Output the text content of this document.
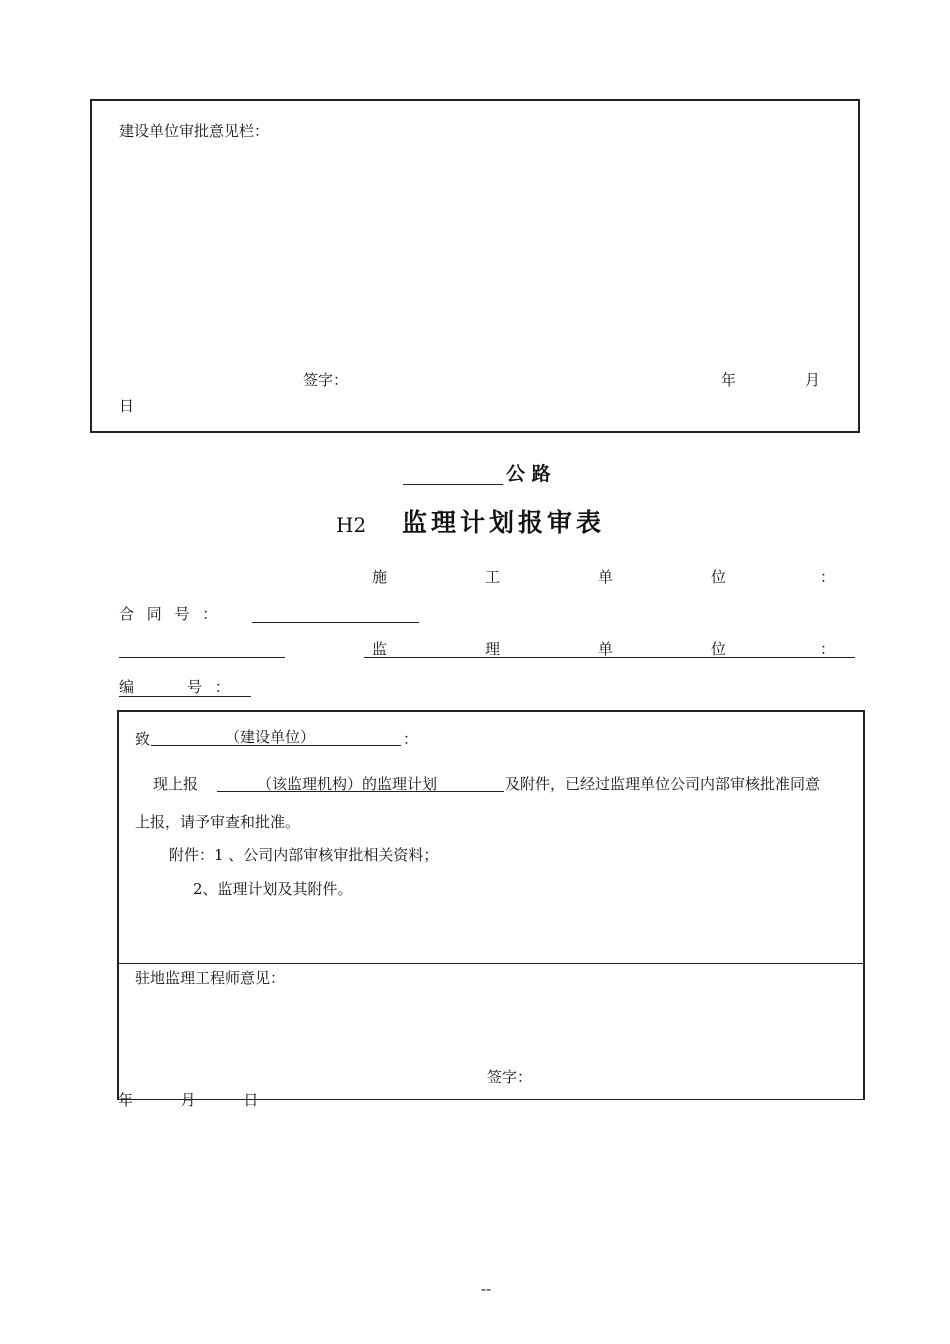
建设单位审批意见栏：
签字：	年	月
日
公 路
H2 监理计划报审表
施	工	单	位	：
合 同 号 ：
监	理	单	位	：
编	号 ：
致	（建设单位）	：
现上报	（该监理机构）的监理计划	及附件，已经过监理单位公司内部审核批准同意
上报，请予审查和批准。
附件：1 、公司内部审核审批相关资料；
2、监理计划及其附件。
驻地监理工程师意见：
签字：
年          月          日
--
